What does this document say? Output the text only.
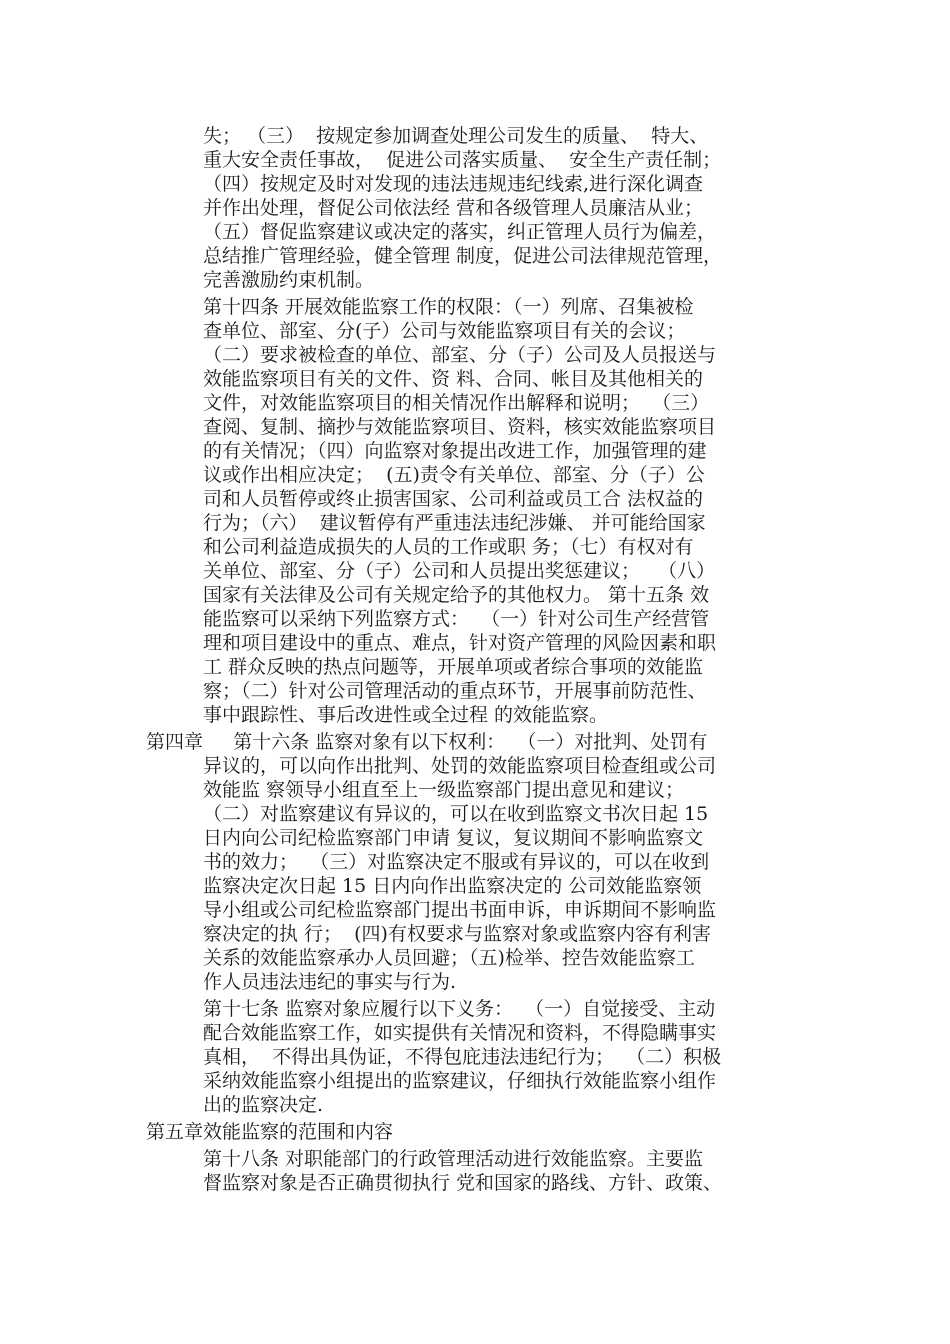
失； （三）  按规定参加调查处理公司发生的质量、  特大、
重大安全责任事故，  促进公司落实质量、  安全生产责任制；
（四）按规定及时对发现的违法违规违纪线索,进行深化调查
并作出处理，督促公司依法经 营和各级管理人员廉洁从业；
（五）督促监察建议或决定的落实，纠正管理人员行为偏差，
总结推广管理经验，健全管理 制度，促进公司法律规范管理，
完善激励约束机制。
第十四条 开展效能监察工作的权限：（一）列席、召集被检
查单位、部室、分(子）公司与效能监察项目有关的会议；
（二）要求被检查的单位、部室、分（子）公司及人员报送与
效能监察项目有关的文件、资 料、合同、帐目及其他相关的
文件，对效能监察项目的相关情况作出解释和说明；  （三）
查阅、复制、摘抄与效能监察项目、资料，核实效能监察项目
的有关情况；（四）向监察对象提出改进工作，加强管理的建
议或作出相应决定；  (五)责令有关单位、部室、分（子）公
司和人员暂停或终止损害国家、公司利益或员工合 法权益的
行为；（六）  建议暂停有严重违法违纪涉嫌、 并可能给国家
和公司利益造成损失的人员的工作或职 务；（七）有权对有
关单位、部室、分（子）公司和人员提出奖惩建议；   （八）
国家有关法律及公司有关规定给予的其他权力。 第十五条 效
能监察可以采纳下列监察方式：  （一）针对公司生产经营管
理和项目建设中的重点、难点，针对资产管理的风险因素和职
工 群众反映的热点问题等，开展单项或者综合事项的效能监
察；（二）针对公司管理活动的重点环节，开展事前防范性、
事中跟踪性、事后改进性或全过程 的效能监察。
第四章     第十六条 监察对象有以下权利：  （一）对批判、处罚有
异议的，可以向作出批判、处罚的效能监察项目检查组或公司
效能监 察领导小组直至上一级监察部门提出意见和建议；
（二）对监察建议有异议的，可以在收到监察文书次日起 15
日内向公司纪检监察部门申请 复议，复议期间不影响监察文
书的效力；  （三）对监察决定不服或有异议的，可以在收到
监察决定次日起 15 日内向作出监察决定的 公司效能监察领
导小组或公司纪检监察部门提出书面申诉，申诉期间不影响监
察决定的执 行；  (四)有权要求与监察对象或监察内容有利害
关系的效能监察承办人员回避；（五)检举、控告效能监察工
作人员违法违纪的事实与行为.
第十七条 监察对象应履行以下义务：  （一）自觉接受、主动
配合效能监察工作，如实提供有关情况和资料，不得隐瞒事实
真相，  不得出具伪证，不得包庇违法违纪行为；  （二）积极
采纳效能监察小组提出的监察建议，仔细执行效能监察小组作
出的监察决定.
第五章效能监察的范围和内容
第十八条 对职能部门的行政管理活动进行效能监察。主要监
督监察对象是否正确贯彻执行 党和国家的路线、方针、政策、
